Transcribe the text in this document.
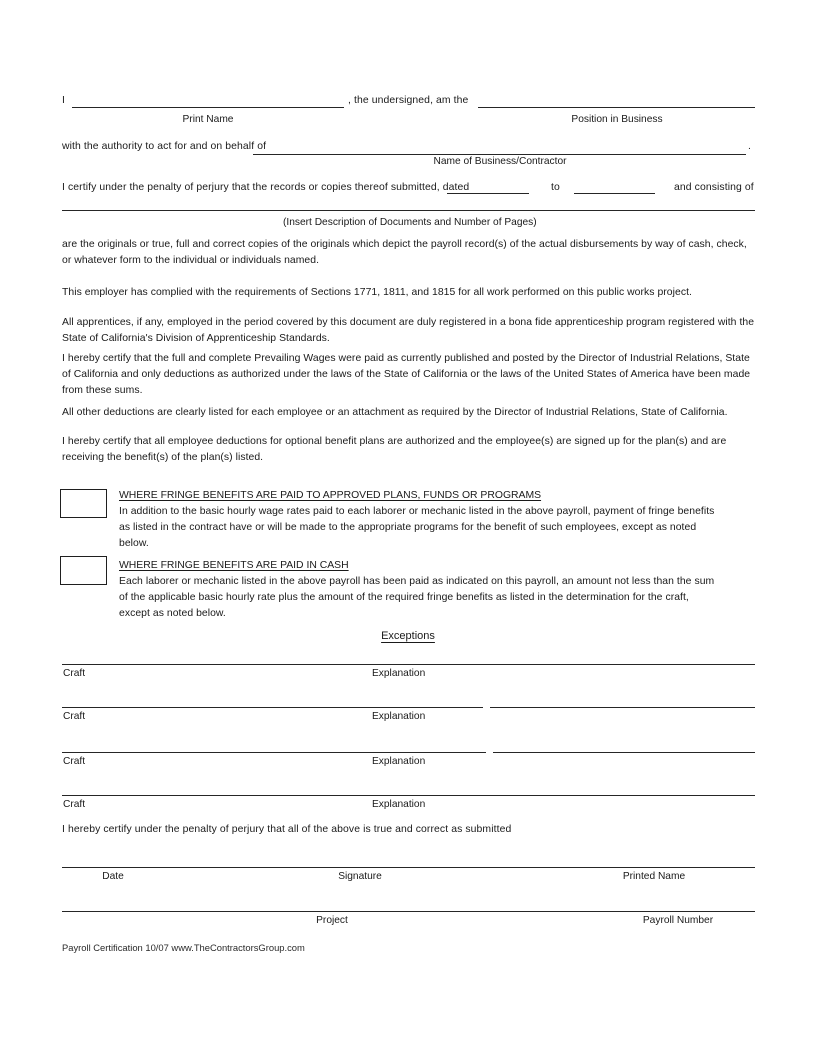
I	, the undersigned, am the
Print Name	Position in Business
with the authority to act for and on behalf of	.
Name of Business/Contractor
I certify under the penalty of perjury that the records or copies thereof submitted, dated	to	and consisting of
(Insert Description of Documents and Number of Pages)

are the originals or true, full and correct copies of the originals which depict the payroll record(s) of the actual disbursements by way of cash, check, or whatever form to the individual or individuals named.

This employer has complied with the requirements of Sections 1771, 1811, and 1815 for all work performed on this public works project.

All apprentices, if any, employed in the period covered by this document are duly registered in a bona fide apprenticeship program registered with the State of California's Division of Apprenticeship Standards.

I hereby certify that the full and complete Prevailing Wages were paid as currently published and posted by the Director of Industrial Relations, State of California and only deductions as authorized under the laws of the State of California or the laws of the United States of America have been made from these sums.

All other deductions are clearly listed for each employee or an attachment as required by the Director of Industrial Relations, State of California.

I hereby certify that all employee deductions for optional benefit plans are authorized and the employee(s) are signed up for the plan(s) and are receiving the benefit(s) of the plan(s) listed.

WHERE FRINGE BENEFITS ARE PAID TO APPROVED PLANS, FUNDS OR PROGRAMS

In addition to the basic hourly wage rates paid to each laborer or mechanic listed in the above payroll, payment of fringe benefits as listed in the contract have or will be made to the appropriate programs for the benefit of such employees, except as noted below.

WHERE FRINGE BENEFITS ARE PAID IN CASH

Each laborer or mechanic listed in the above payroll has been paid as indicated on this payroll, an amount not less than the sum of the applicable basic hourly rate plus the amount of the required fringe benefits as listed in the determination for the craft, except as noted below.

Exceptions
Craft	Explanation
Craft	Explanation
Craft	Explanation
Craft	Explanation
I hereby certify under the penalty of perjury that all of the above is true and correct as submitted
Date	Signature	Printed Name
Project	Payroll Number
Payroll Certification 10/07 www.TheContractorsGroup.com
